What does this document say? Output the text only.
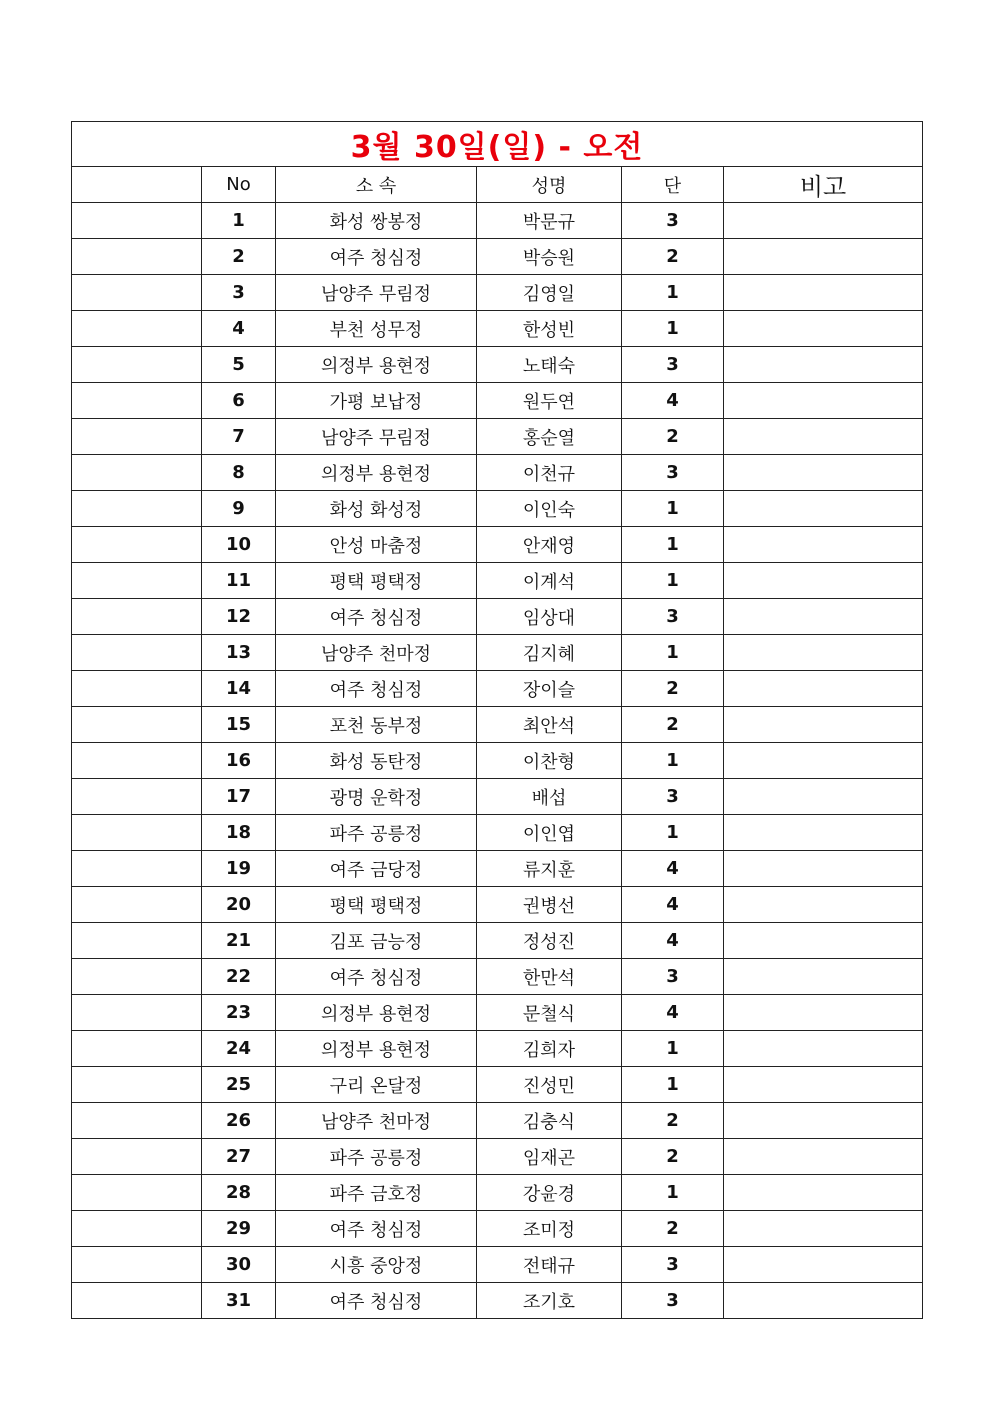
3월 30일(일) - 오전					
	No	소 속	성명	단	비고
	1	화성 쌍봉정	박문규	3	
	2	여주 청심정	박승원	2	
	3	남양주 무림정	김영일	1	
	4	부천 성무정	한성빈	1	
	5	의정부 용현정	노태숙	3	
	6	가평 보납정	원두연	4	
	7	남양주 무림정	홍순열	2	
	8	의정부 용현정	이천규	3	
	9	화성 화성정	이인숙	1	
	10	안성 마춤정	안재영	1	
	11	평택 평택정	이계석	1	
	12	여주 청심정	임상대	3	
	13	남양주 천마정	김지혜	1	
	14	여주 청심정	장이슬	2	
	15	포천 동부정	최안석	2	
	16	화성 동탄정	이찬형	1	
	17	광명 운학정	배섭	3	
	18	파주 공릉정	이인엽	1	
	19	여주 금당정	류지훈	4	
	20	평택 평택정	권병선	4	
	21	김포 금능정	정성진	4	
	22	여주 청심정	한만석	3	
	23	의정부 용현정	문철식	4	
	24	의정부 용현정	김희자	1	
	25	구리 온달정	진성민	1	
	26	남양주 천마정	김충식	2	
	27	파주 공릉정	임재곤	2	
	28	파주 금호정	강윤경	1	
	29	여주 청심정	조미정	2	
	30	시흥 중앙정	전태규	3	
	31	여주 청심정	조기호	3	
